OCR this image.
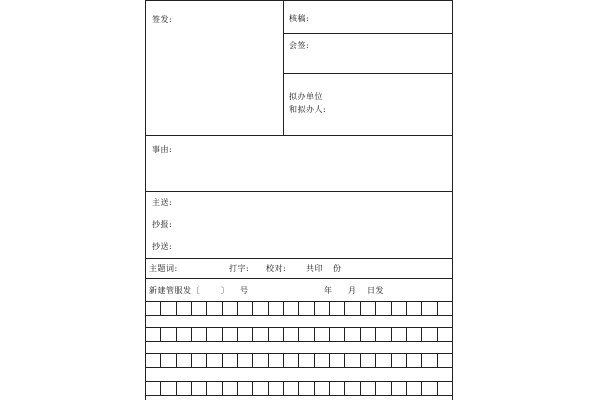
签发:	核稿:
会签:
拟办单位
和拟办人:
事由:
主送:
抄报:
抄送:
主题词:	打字: 校对: 共印 份
新建管服发〔	〕 号	年 月 日发
